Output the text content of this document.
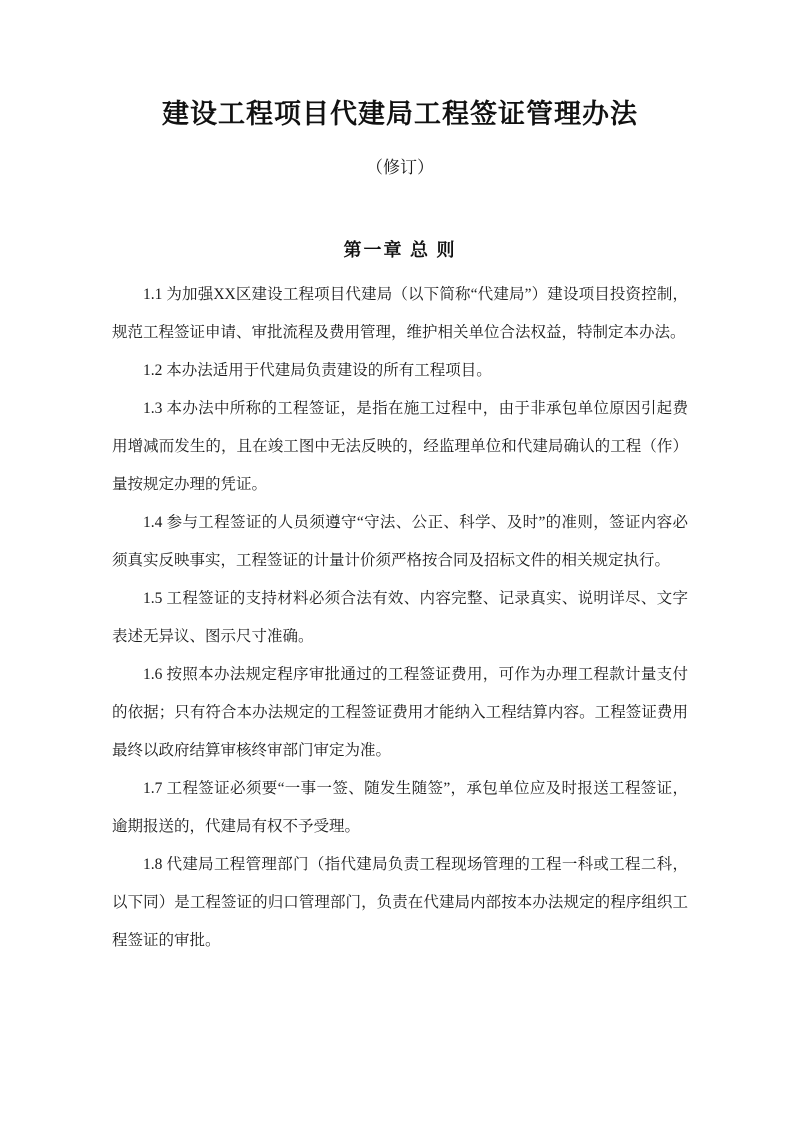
建设工程项目代建局工程签证管理办法
（修订）
第一章 总 则

1.1 为加强XX区建设工程项目代建局（以下简称“代建局”）建设项目投资控制，规范工程签证申请、审批流程及费用管理，维护相关单位合法权益，特制定本办法。

1.2 本办法适用于代建局负责建设的所有工程项目。

1.3 本办法中所称的工程签证，是指在施工过程中，由于非承包单位原因引起费用增减而发生的，且在竣工图中无法反映的，经监理单位和代建局确认的工程（作）量按规定办理的凭证。

1.4 参与工程签证的人员须遵守“守法、公正、科学、及时”的准则，签证内容必须真实反映事实，工程签证的计量计价须严格按合同及招标文件的相关规定执行。

1.5 工程签证的支持材料必须合法有效、内容完整、记录真实、说明详尽、文字表述无异议、图示尺寸准确。

1.6 按照本办法规定程序审批通过的工程签证费用，可作为办理工程款计量支付的依据；只有符合本办法规定的工程签证费用才能纳入工程结算内容。工程签证费用最终以政府结算审核终审部门审定为准。

1.7 工程签证必须要“一事一签、随发生随签”，承包单位应及时报送工程签证，逾期报送的，代建局有权不予受理。

1.8 代建局工程管理部门（指代建局负责工程现场管理的工程一科或工程二科，以下同）是工程签证的归口管理部门，负责在代建局内部按本办法规定的程序组织工程签证的审批。
